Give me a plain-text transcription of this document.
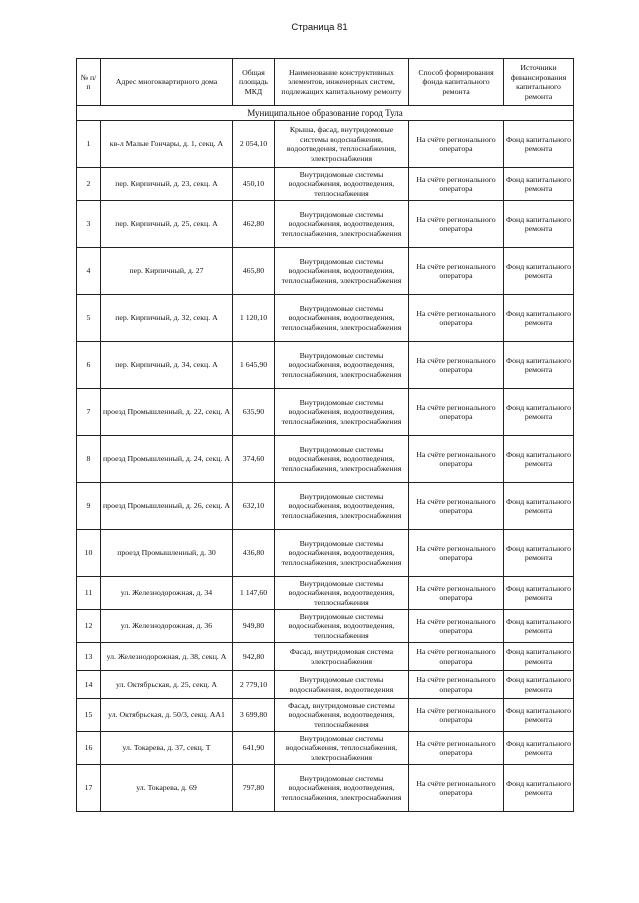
Страница 81
№ п/п	Адрес многоквартирного дома	Общая площадь МКД	Наименование конструктивных элементов, инженерных систем, подлежащих капитальному ремонту	Способ формирования фонда капитального ремонта	Источники финансирования капитального ремонта
Муниципальное образование город Тула					
1	кв-л Малые Гончары, д. 1, секц. А	2 054,10	Крыша, фасад, внутридомовые системы водоснабжения, водоотведения, теплоснабжения, электроснабжения	На счёте регионального оператора	Фонд капитального ремонта
2	пер. Кирпичный, д. 23, секц. А	450,10	Внутридомовые системы водоснабжения, водоотведения, теплоснабжения	На счёте регионального оператора	Фонд капитального ремонта
3	пер. Кирпичный, д. 25, секц. А	462,80	Внутридомовые системы водоснабжения, водоотведения, теплоснабжения, электроснабжения	На счёте регионального оператора	Фонд капитального ремонта
4	пер. Кирпичный, д. 27	465,80	Внутридомовые системы водоснабжения, водоотведения, теплоснабжения, электроснабжения	На счёте регионального оператора	Фонд капитального ремонта
5	пер. Кирпичный, д. 32, секц. А	1 120,10	Внутридомовые системы водоснабжения, водоотведения, теплоснабжения, электроснабжения	На счёте регионального оператора	Фонд капитального ремонта
6	пер. Кирпичный, д. 34, секц. А	1 645,90	Внутридомовые системы водоснабжения, водоотведения, теплоснабжения, электроснабжения	На счёте регионального оператора	Фонд капитального ремонта
7	проезд Промышленный, д. 22, секц. А	635,90	Внутридомовые системы водоснабжения, водоотведения, теплоснабжения, электроснабжения	На счёте регионального оператора	Фонд капитального ремонта
8	проезд Промышленный, д. 24, секц. А	374,60	Внутридомовые системы водоснабжения, водоотведения, теплоснабжения, электроснабжения	На счёте регионального оператора	Фонд капитального ремонта
9	проезд Промышленный, д. 26, секц. А	632,10	Внутридомовые системы водоснабжения, водоотведения, теплоснабжения, электроснабжения	На счёте регионального оператора	Фонд капитального ремонта
10	проезд Промышленный, д. 30	436,80	Внутридомовые системы водоснабжения, водоотведения, теплоснабжения, электроснабжения	На счёте регионального оператора	Фонд капитального ремонта
11	ул. Железнодорожная, д. 34	1 147,60	Внутридомовые системы водоснабжения, водоотведения, теплоснабжения	На счёте регионального оператора	Фонд капитального ремонта
12	ул. Железнодорожная, д. 36	949,80	Внутридомовые системы водоснабжения, водоотведения, теплоснабжения	На счёте регионального оператора	Фонд капитального ремонта
13	ул. Железнодорожная, д. 38, секц. А	942,80	Фасад, внутридомовая система электроснабжения	На счёте регионального оператора	Фонд капитального ремонта
14	ул. Октябрьская, д. 25, секц. А	2 779,10	Внутридомовые системы водоснабжения, водоотведения	На счёте регионального оператора	Фонд капитального ремонта
15	ул. Октябрьская, д. 50/3, секц. АА1	3 699,80	Фасад, внутридомовые системы водоснабжения, водоотведения, теплоснабжения	На счёте регионального оператора	Фонд капитального ремонта
16	ул. Токарева, д. 37, секц. Т	641,90	Внутридомовые системы водоснабжения, теплоснабжения, электроснабжения	На счёте регионального оператора	Фонд капитального ремонта
17	ул. Токарева, д. 69	797,80	Внутридомовые системы водоснабжения, водоотведения, теплоснабжения, электроснабжения	На счёте регионального оператора	Фонд капитального ремонта
